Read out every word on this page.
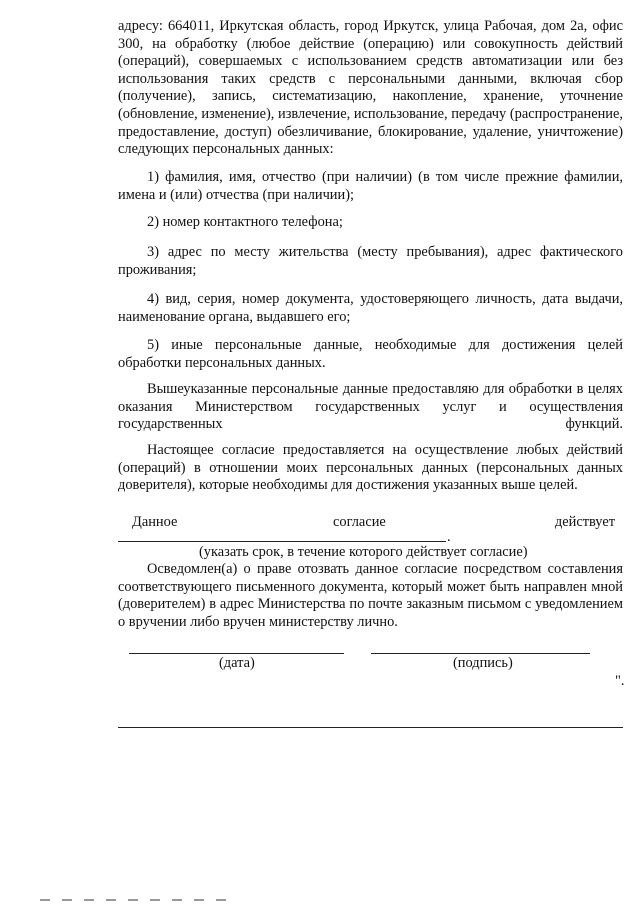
адресу: 664011, Иркутская область, город Иркутск, улица Рабочая, дом 2а, офис 300, на обработку (любое действие (операцию) или совокупность действий (операций), совершаемых с использованием средств автоматизации или без использования таких средств с персональными данными, включая сбор (получение), запись, систематизацию, накопление, хранение, уточнение (обновление, изменение), извлечение, использование, передачу (распространение, предоставление, доступ) обезличивание, блокирование, удаление, уничтожение) следующих персональных данных:

1) фамилия, имя, отчество (при наличии) (в том числе прежние фамилии, имена и (или) отчества (при наличии);

2) номер контактного телефона;

3) адрес по месту жительства (месту пребывания), адрес фактического проживания;

4) вид, серия, номер документа, удостоверяющего личность, дата выдачи, наименование органа, выдавшего его;

5) иные персональные данные, необходимые для достижения целей обработки персональных данных.

Вышеуказанные персональные данные предоставляю для обработки в целях оказания Министерством государственных услуг и осуществления государственных функций.

Настоящее согласие предоставляется на осуществление любых действий (операций) в отношении моих персональных данных (персональных данных доверителя), которые необходимы для достижения указанных выше целей.

Данное	согласие	действует
.
(указать срок, в течение которого действует согласие)

Осведомлен(а) о праве отозвать данное согласие посредством составления соответствующего письменного документа, который может быть направлен мной (доверителем) в адрес Министерства по почте заказным письмом с уведомлением о вручении либо вручен министерству лично.

(дата)	(подпись)
".
